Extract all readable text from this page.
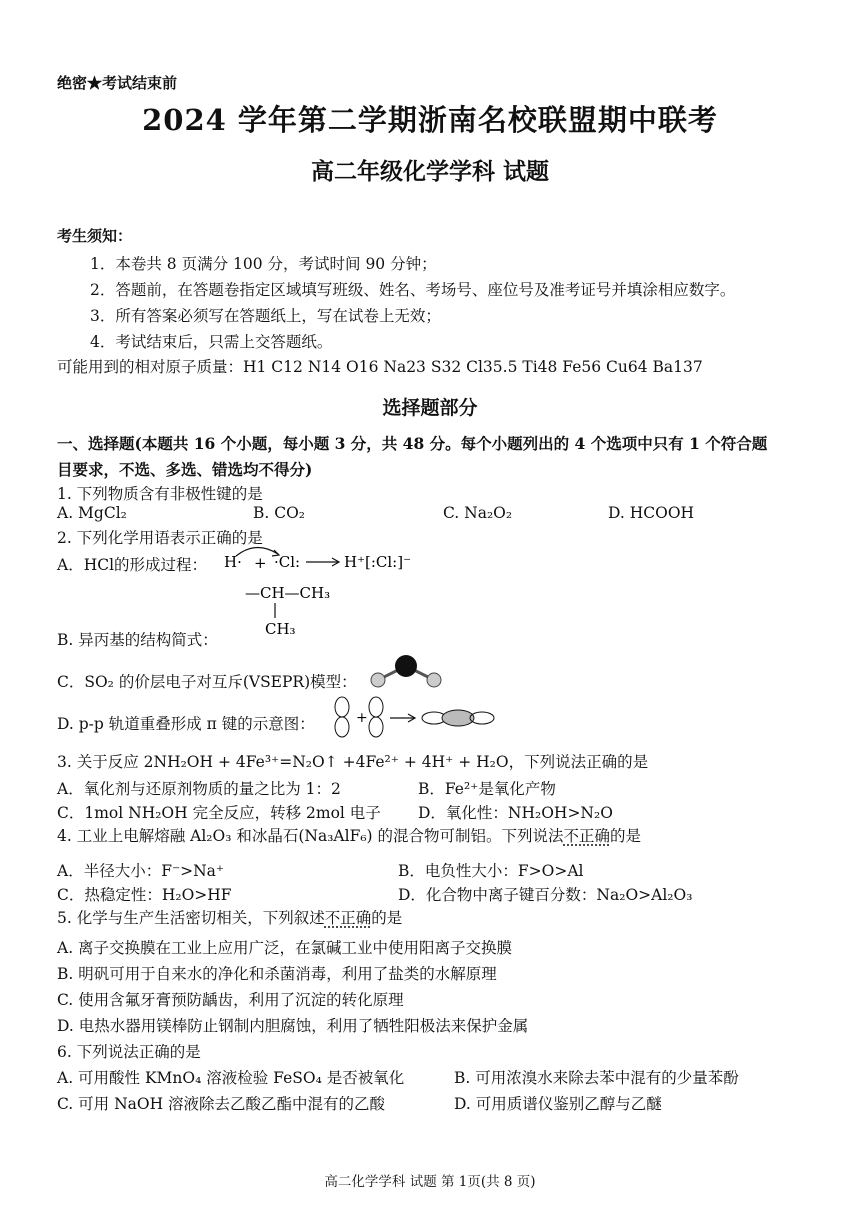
绝密★考试结束前
2024 学年第二学期浙南名校联盟期中联考
高二年级化学学科 试题
考生须知：
1．本卷共 8 页满分 100 分，考试时间 90 分钟；
2．答题前，在答题卷指定区域填写班级、姓名、考场号、座位号及准考证号并填涂相应数字。
3．所有答案必须写在答题纸上，写在试卷上无效；
4．考试结束后，只需上交答题纸。
可能用到的相对原子质量：H1 C12 N14 O16 Na23 S32 Cl35.5 Ti48 Fe56 Cu64 Ba137
选择题部分
一、选择题(本题共 16 个小题，每小题 3 分，共 48 分。每个小题列出的 4 个选项中只有 1 个符合题
目要求，不选、多选、错选均不得分)
1. 下列物质含有非极性键的是
A. MgCl₂	B. CO₂	C. Na₂O₂	D. HCOOH
2. 下列化学用语表示正确的是
A．HCl的形成过程： H· + ·Cl:	H⁺[:Cl:]⁻
—CH—CH₃
CH₃
B. 异丙基的结构简式：
C．SO₂ 的价层电子对互斥(VSEPR)模型：
D. p-p 轨道重叠形成 π 键的示意图：	+
3. 关于反应 2NH₂OH + 4Fe³⁺=N₂O↑ +4Fe²⁺ + 4H⁺ + H₂O，下列说法正确的是
A．氧化剂与还原剂物质的量之比为 1：2	B．Fe²⁺是氧化产物
C．1mol NH₂OH 完全反应，转移 2mol 电子 D．氧化性：NH₂OH>N₂O
4. 工业上电解熔融 Al₂O₃ 和冰晶石(Na₃AlF₆) 的混合物可制铝。下列说法不正确的是
A．半径大小：F⁻>Na⁺	B．电负性大小：F>O>Al
C．热稳定性：H₂O>HF	D．化合物中离子键百分数：Na₂O>Al₂O₃
5. 化学与生产生活密切相关，下列叙述不正确的是
A. 离子交换膜在工业上应用广泛，在氯碱工业中使用阳离子交换膜
B. 明矾可用于自来水的净化和杀菌消毒，利用了盐类的水解原理
C. 使用含氟牙膏预防龋齿，利用了沉淀的转化原理
D. 电热水器用镁棒防止钢制内胆腐蚀，利用了牺牲阳极法来保护金属
6. 下列说法正确的是
A. 可用酸性 KMnO₄ 溶液检验 FeSO₄ 是否被氧化	B. 可用浓溴水来除去苯中混有的少量苯酚
C. 可用 NaOH 溶液除去乙酸乙酯中混有的乙酸	D. 可用质谱仪鉴别乙醇与乙醚
高二化学学科 试题 第 1页(共 8 页)
